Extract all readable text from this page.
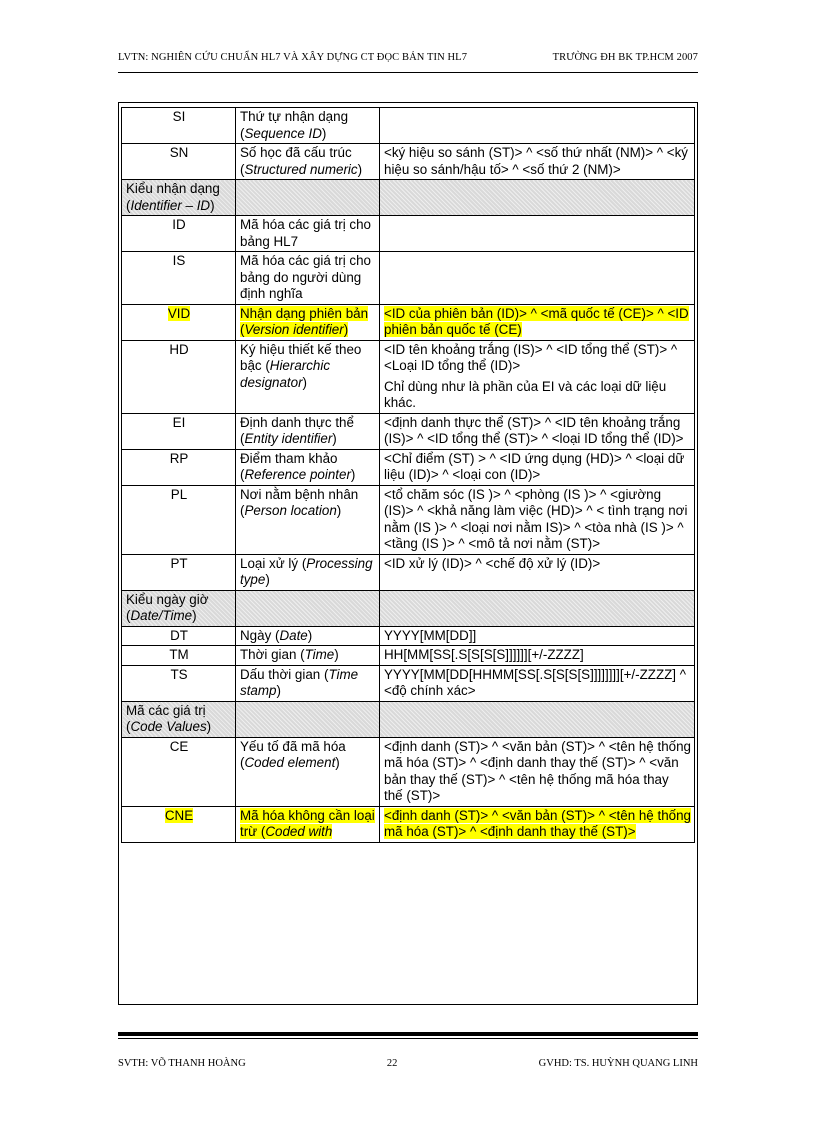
LVTN: NGHIÊN CỨU CHUẨN HL7 VÀ XÂY DỰNG CT ĐỌC BẢN TIN HL7	TRƯỜNG ĐH BK TP.HCM 2007
SI	Thứ tự nhận dạng (Sequence ID)	
SN	Số học đã cấu trúc (Structured numeric)	<ký hiệu so sánh (ST)> ^ <số thứ nhất (NM)> ^ <ký hiệu so sánh/hậu tố> ^ <số thứ 2 (NM)>
Kiểu nhận dạng (Identifier – ID)		
ID	Mã hóa các giá trị cho bảng HL7	
IS	Mã hóa các giá trị cho bảng do người dùng định nghĩa	
VID	Nhận dạng phiên bản (Version identifier)	<ID của phiên bản (ID)> ^ <mã quốc tế (CE)> ^ <ID phiên bản quốc tế (CE)
HD	Ký hiệu thiết kế theo bậc (Hierarchic designator)	<ID tên khoảng trắng (IS)> ^ <ID tổng thể (ST)> ^ <Loại ID tổng thể (ID)>
Chỉ dùng như là phần của EI và các loại dữ liệu khác.

EI	Định danh thực thể (Entity identifier)	<định danh thực thể (ST)> ^ <ID tên khoảng trắng (IS)> ^ <ID tổng thể (ST)> ^ <loại ID tổng thể (ID)>
RP	Điểm tham khảo (Reference pointer)	<Chỉ điểm (ST) > ^ <ID ứng dụng (HD)> ^ <loại dữ liệu (ID)> ^ <loại con (ID)>
PL	Nơi nằm bệnh nhân (Person location)	<tổ chăm sóc (IS )> ^ <phòng (IS )> ^ <giường (IS)> ^ <khả năng làm việc (HD)> ^ < tình trạng nơi nằm (IS )> ^ <loại nơi nằm IS)> ^ <tòa nhà (IS )> ^ <tầng (IS )> ^ <mô tả nơi nằm (ST)>
PT	Loại xử lý (Processing type)	<ID xử lý (ID)> ^ <chế độ xử lý (ID)>
Kiểu ngày giờ (Date/Time)		
DT	Ngày (Date)	YYYY[MM[DD]]
TM	Thời gian (Time)	HH[MM[SS[.S[S[S[S]]]]]][+/-ZZZZ]
TS	Dấu thời gian (Time stamp)	YYYY[MM[DD[HHMM[SS[.S[S[S[S]]]]]]]][+/-ZZZZ] ^ <độ chính xác>
Mã các giá trị (Code Values)		
CE	Yếu tố đã mã hóa (Coded element)	<định danh (ST)> ^ <văn bản (ST)> ^ <tên hệ thống mã hóa (ST)> ^ <định danh thay thế (ST)> ^ <văn bản thay thế (ST)> ^ <tên hệ thống mã hóa thay thế (ST)>
CNE	Mã hóa không cần loại trừ (Coded with	<định danh (ST)> ^ <văn bản (ST)> ^ <tên hệ thống mã hóa (ST)> ^ <định danh thay thế (ST)>
SVTH: VÕ THANH HOÀNG	22	GVHD: TS. HUỲNH QUANG LINH
